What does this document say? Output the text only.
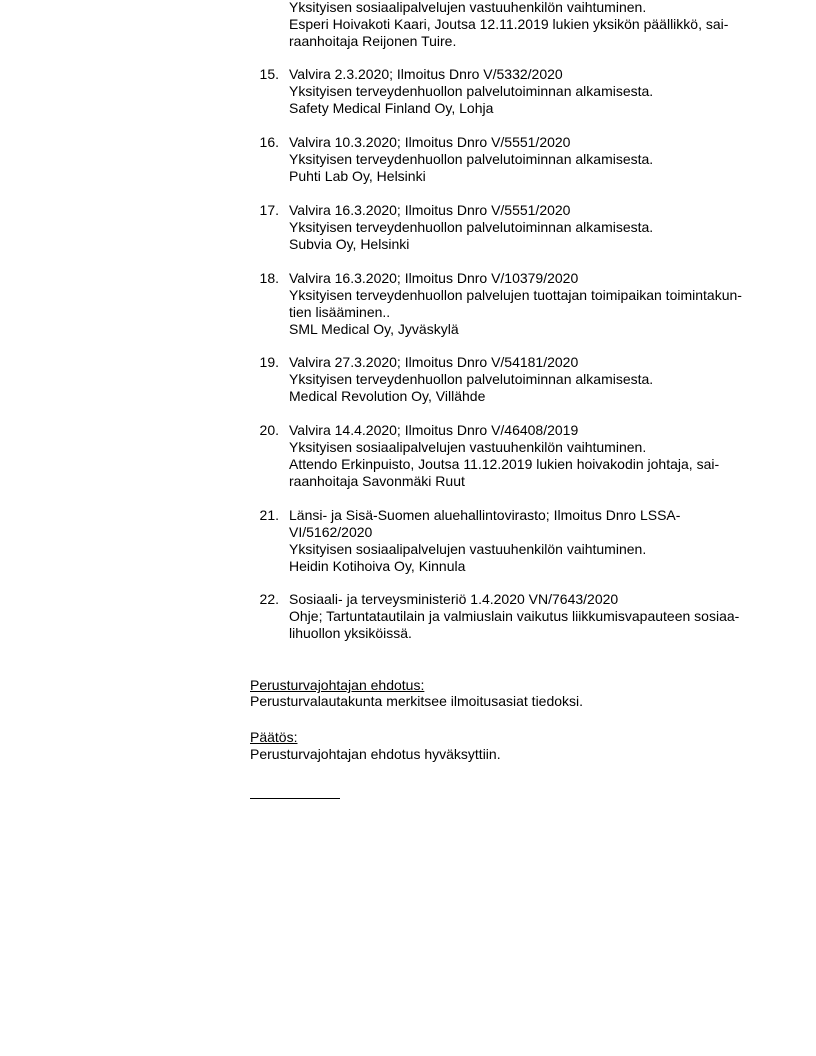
Yksityisen sosiaalipalvelujen vastuuhenkilön vaihtuminen.
Esperi Hoivakoti Kaari, Joutsa 12.11.2019 lukien yksikön päällikkö, sai-
raanhoitaja Reijonen Tuire.
15. Valvira 2.3.2020; Ilmoitus Dnro V/5332/2020
Yksityisen terveydenhuollon palvelutoiminnan alkamisesta.
Safety Medical Finland Oy, Lohja
16. Valvira 10.3.2020; Ilmoitus Dnro V/5551/2020
Yksityisen terveydenhuollon palvelutoiminnan alkamisesta.
Puhti Lab Oy, Helsinki
17. Valvira 16.3.2020; Ilmoitus Dnro V/5551/2020
Yksityisen terveydenhuollon palvelutoiminnan alkamisesta.
Subvia Oy, Helsinki
18. Valvira 16.3.2020; Ilmoitus Dnro V/10379/2020
Yksityisen terveydenhuollon palvelujen tuottajan toimipaikan toimintakun-
tien lisääminen..
SML Medical Oy, Jyväskylä
19. Valvira 27.3.2020; Ilmoitus Dnro V/54181/2020
Yksityisen terveydenhuollon palvelutoiminnan alkamisesta.
Medical Revolution Oy, Villähde
20. Valvira 14.4.2020; Ilmoitus Dnro V/46408/2019
Yksityisen sosiaalipalvelujen vastuuhenkilön vaihtuminen.
Attendo Erkinpuisto, Joutsa 11.12.2019 lukien hoivakodin johtaja, sai-
raanhoitaja Savonmäki Ruut
21. Länsi- ja Sisä-Suomen aluehallintovirasto; Ilmoitus Dnro LSSA-
VI/5162/2020
Yksityisen sosiaalipalvelujen vastuuhenkilön vaihtuminen.
Heidin Kotihoiva Oy, Kinnula
22. Sosiaali- ja terveysministeriö 1.4.2020 VN/7643/2020
Ohje; Tartuntatautilain ja valmiuslain vaikutus liikkumisvapauteen sosiaa-
lihuollon yksiköissä.
Perusturvajohtajan ehdotus:
Perusturvalautakunta merkitsee ilmoitusasiat tiedoksi.
Päätös:
Perusturvajohtajan ehdotus hyväksyttiin.
